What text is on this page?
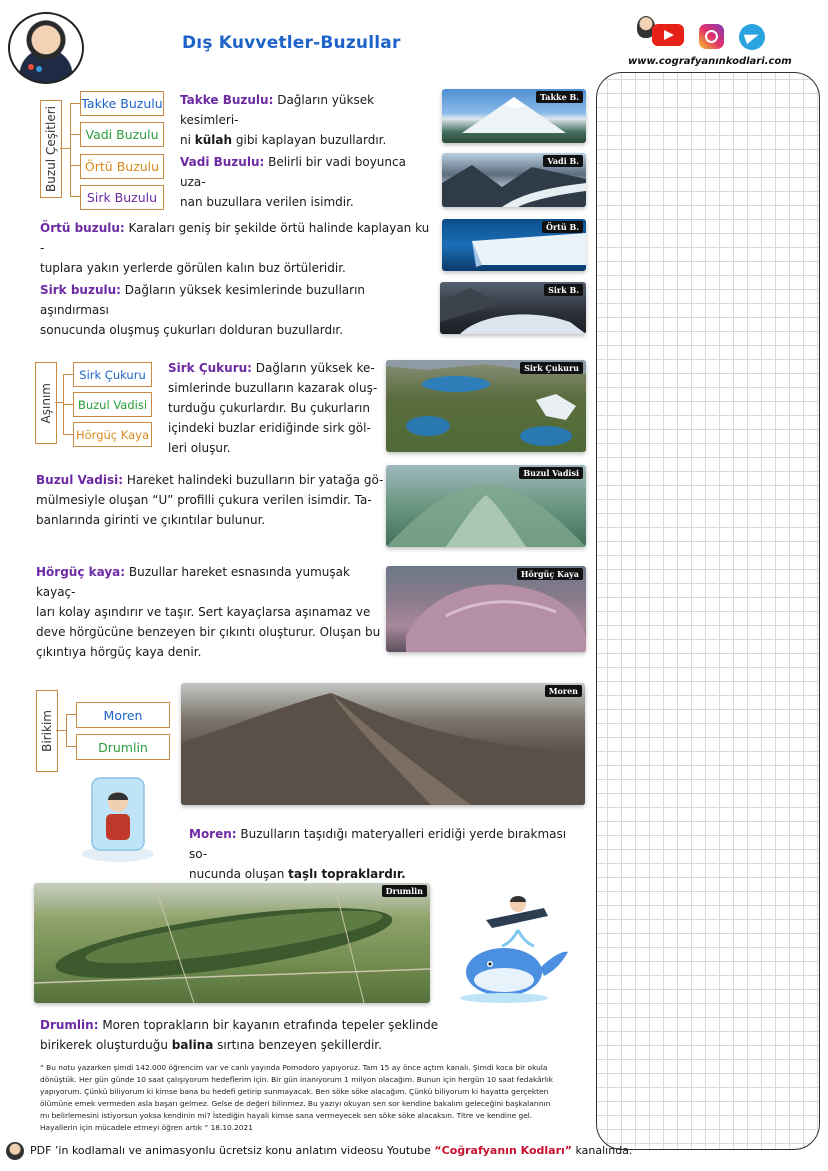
Dış Kuvvetler-Buzullar
www.cografyanınkodlari.com
Buzul Çeşitleri
Takke Buzulu
Vadi Buzulu
Örtü Buzulu
Sirk Buzulu
Takke Buzulu: Dağların yüksek kesimleri-
ni külah gibi kaplayan buzullardır.
Takke B.
Vadi Buzulu: Belirli bir vadi boyunca uza-
nan buzullara verilen isimdir.
Vadi B.
Örtü buzulu: Karaları geniş bir şekilde örtü halinde kaplayan ku -
tuplara yakın yerlerde görülen kalın buz örtüleridir.
Örtü B.
Sirk buzulu: Dağların yüksek kesimlerinde buzulların aşındırması
sonucunda oluşmuş çukurları dolduran buzullardır.
Sirk B.
Aşınım
Sirk Çukuru
Buzul Vadisi
Hörgüç Kaya
Sirk Çukuru: Dağların yüksek ke-
simlerinde buzulların kazarak oluş-
turduğu çukurlardır. Bu çukurların
içindeki buzlar eridiğinde sirk göl-
leri oluşur.
Sirk Çukuru
Buzul Vadisi: Hareket halindeki buzulların bir yatağa gö-
mülmesiyle oluşan “U” profilli çukura verilen isimdir. Ta-
banlarında girinti ve çıkıntılar bulunur.
Buzul Vadisi
Hörgüç kaya: Buzullar hareket esnasında yumuşak kayaç-
ları kolay aşındırır ve taşır. Sert kayaçlarsa aşınamaz ve
deve hörgücüne benzeyen bir çıkıntı oluşturur. Oluşan bu
çıkıntıya hörgüç kaya denir.
Hörgüç Kaya
Birikim	Moren
Drumlin
Moren
Moren: Buzulların taşıdığı materyalleri eridiği yerde bırakması so-
nucunda oluşan taşlı topraklardır.
Drumlin
Drumlin: Moren toprakların bir kayanın etrafında tepeler şeklinde
birikerek oluşturduğu balina sırtına benzeyen şekillerdir.
“ Bu notu yazarken şimdi 142.000 öğrencim var ve canlı yayında Pomodoro yapıyoruz. Tam 15 ay önce açtım kanalı. Şimdi koca bir okula
dönüştük. Her gün günde 10 saat çalışıyorum hedeflerim için. Bir gün inanıyorum 1 milyon olacağım. Bunun için hergün 10 saat fedakârlık
yapıyorum. Çünkü biliyorum ki kimse bana bu hedefi getirip sunmayacak. Ben söke söke alacağım. Çünkü biliyorum ki hayatta gerçekten
ölümüne emek vermeden asla başarı gelmez. Gelse de değeri bilinmez. Bu yazıyı okuyan sen sor kendine bakalım geleceğini başkalarının
mı belirlemesini istiyorsun yoksa kendinin mi? İstediğin hayali kimse sana vermeyecek sen söke söke alacaksın. Titre ve kendine gel.
Hayallerin için mücadele etmeyi öğren artık ” 18.10.2021
PDF ’in kodlamalı ve animasyonlu ücretsiz konu anlatım videosu Youtube “Coğrafyanın Kodları” kanalında.
